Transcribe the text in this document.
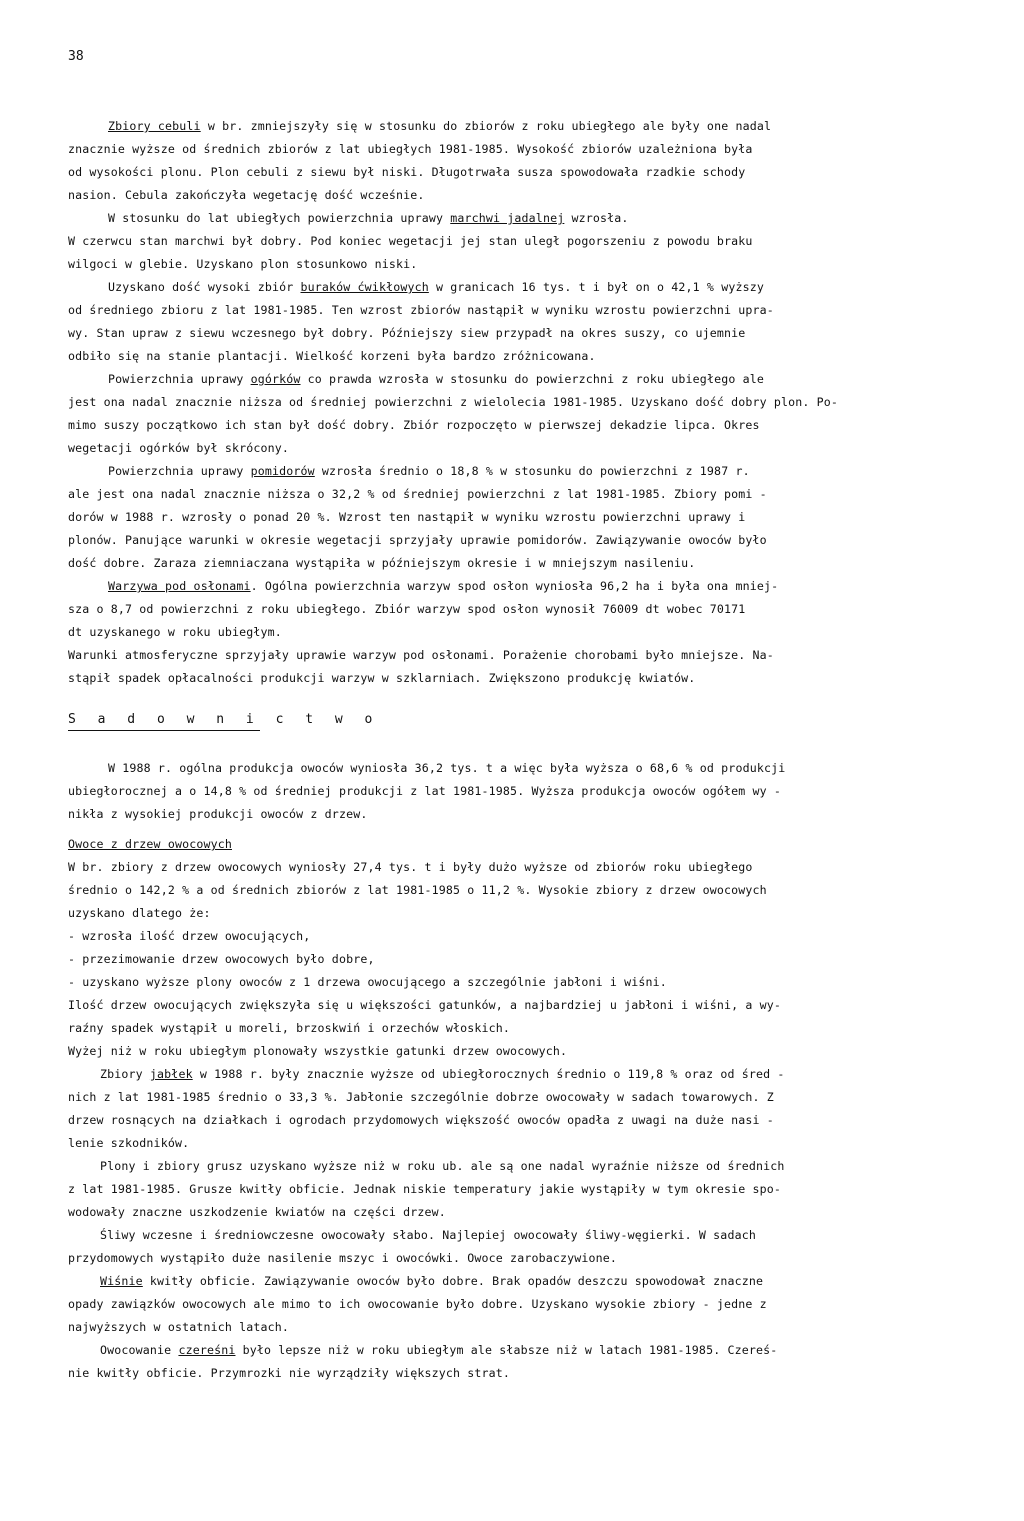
38
Zbiory cebuli w br. zmniejszyły się w stosunku do zbiorów z roku ubiegłego ale były one nadal
znacznie wyższe od średnich zbiorów z lat ubiegłych 1981-1985. Wysokość zbiorów uzależniona była
od wysokości plonu. Plon cebuli z siewu był niski. Długotrwała susza spowodowała rzadkie schody
nasion. Cebula zakończyła wegetację dość wcześnie.
W stosunku do lat ubiegłych powierzchnia uprawy marchwi jadalnej wzrosła.
W czerwcu stan marchwi był dobry. Pod koniec wegetacji jej stan uległ pogorszeniu z powodu braku
wilgoci w glebie. Uzyskano plon stosunkowo niski.
Uzyskano dość wysoki zbiór buraków ćwikłowych w granicach 16 tys. t i był on o 42,1 % wyższy
od średniego zbioru z lat 1981-1985. Ten wzrost zbiorów nastąpił w wyniku wzrostu powierzchni upra-
wy. Stan upraw z siewu wczesnego był dobry. Późniejszy siew przypadł na okres suszy, co ujemnie
odbiło się na stanie plantacji. Wielkość korzeni była bardzo zróżnicowana.
Powierzchnia uprawy ogórków co prawda wzrosła w stosunku do powierzchni z roku ubiegłego ale
jest ona nadal znacznie niższa od średniej powierzchni z wielolecia 1981-1985. Uzyskano dość dobry plon. Po-
mimo suszy początkowo ich stan był dość dobry. Zbiór rozpoczęto w pierwszej dekadzie lipca. Okres
wegetacji ogórków był skrócony.
Powierzchnia uprawy pomidorów wzrosła średnio o 18,8 % w stosunku do powierzchni z 1987 r.
ale jest ona nadal znacznie niższa o 32,2 % od średniej powierzchni z lat 1981-1985. Zbiory pomi -
dorów w 1988 r. wzrosły o ponad 20 %. Wzrost ten nastąpił w wyniku wzrostu powierzchni uprawy i
plonów. Panujące warunki w okresie wegetacji sprzyjały uprawie pomidorów. Zawiązywanie owoców było
dość dobre. Zaraza ziemniaczana wystąpiła w późniejszym okresie i w mniejszym nasileniu.
Warzywa pod osłonami. Ogólna powierzchnia warzyw spod osłon wyniosła 96,2 ha i była ona mniej-
sza o 8,7 od powierzchni z roku ubiegłego. Zbiór warzyw spod osłon wynosił 76009 dt wobec 70171
dt uzyskanego w roku ubiegłym.
Warunki atmosferyczne sprzyjały uprawie warzyw pod osłonami. Porażenie chorobami było mniejsze. Na-
stąpił spadek opłacalności produkcji warzyw w szklarniach. Zwiększono produkcję kwiatów.
W 1988 r. ogólna produkcja owoców wyniosła 36,2 tys. t a więc była wyższa o 68,6 % od produkcji
ubiegłorocznej a o 14,8 % od średniej produkcji z lat 1981-1985. Wyższa produkcja owoców ogółem wy -
nikła z wysokiej produkcji owoców z drzew.
Owoce z drzew owocowych
W br. zbiory z drzew owocowych wyniosły 27,4 tys. t i były dużo wyższe od zbiorów roku ubiegłego
średnio o 142,2 % a od średnich zbiorów z lat 1981-1985 o 11,2 %. Wysokie zbiory z drzew owocowych
uzyskano dlatego że:
- wzrosła ilość drzew owocujących,
- przezimowanie drzew owocowych było dobre,
- uzyskano wyższe plony owoców z 1 drzewa owocującego a szczególnie jabłoni i wiśni.
Ilość drzew owocujących zwiększyła się u większości gatunków, a najbardziej u jabłoni i wiśni, a wy-
raźny spadek wystąpił u moreli, brzoskwiń i orzechów włoskich.
Wyżej niż w roku ubiegłym plonowały wszystkie gatunki drzew owocowych.
Zbiory jabłek w 1988 r. były znacznie wyższe od ubiegłorocznych średnio o 119,8 % oraz od śred -
nich z lat 1981-1985 średnio o 33,3 %. Jabłonie szczególnie dobrze owocowały w sadach towarowych. Z
drzew rosnących na działkach i ogrodach przydomowych większość owoców opadła z uwagi na duże nasi -
lenie szkodników.
Plony i zbiory grusz uzyskano wyższe niż w roku ub. ale są one nadal wyraźnie niższe od średnich
z lat 1981-1985. Grusze kwitły obficie. Jednak niskie temperatury jakie wystąpiły w tym okresie spo-
wodowały znaczne uszkodzenie kwiatów na części drzew.
Śliwy wczesne i średniowczesne owocowały słabo. Najlepiej owocowały śliwy-węgierki. W sadach
przydomowych wystąpiło duże nasilenie mszyc i owocówki. Owoce zarobaczywione.
Wiśnie kwitły obficie. Zawiązywanie owoców było dobre. Brak opadów deszczu spowodował znaczne
opady zawiązków owocowych ale mimo to ich owocowanie było dobre. Uzyskano wysokie zbiory - jedne z
najwyższych w ostatnich latach.
Owocowanie czereśni było lepsze niż w roku ubiegłym ale słabsze niż w latach 1981-1985. Czereś-
nie kwitły obficie. Przymrozki nie wyrządziły większych strat.
S a d o w n i c t w o
